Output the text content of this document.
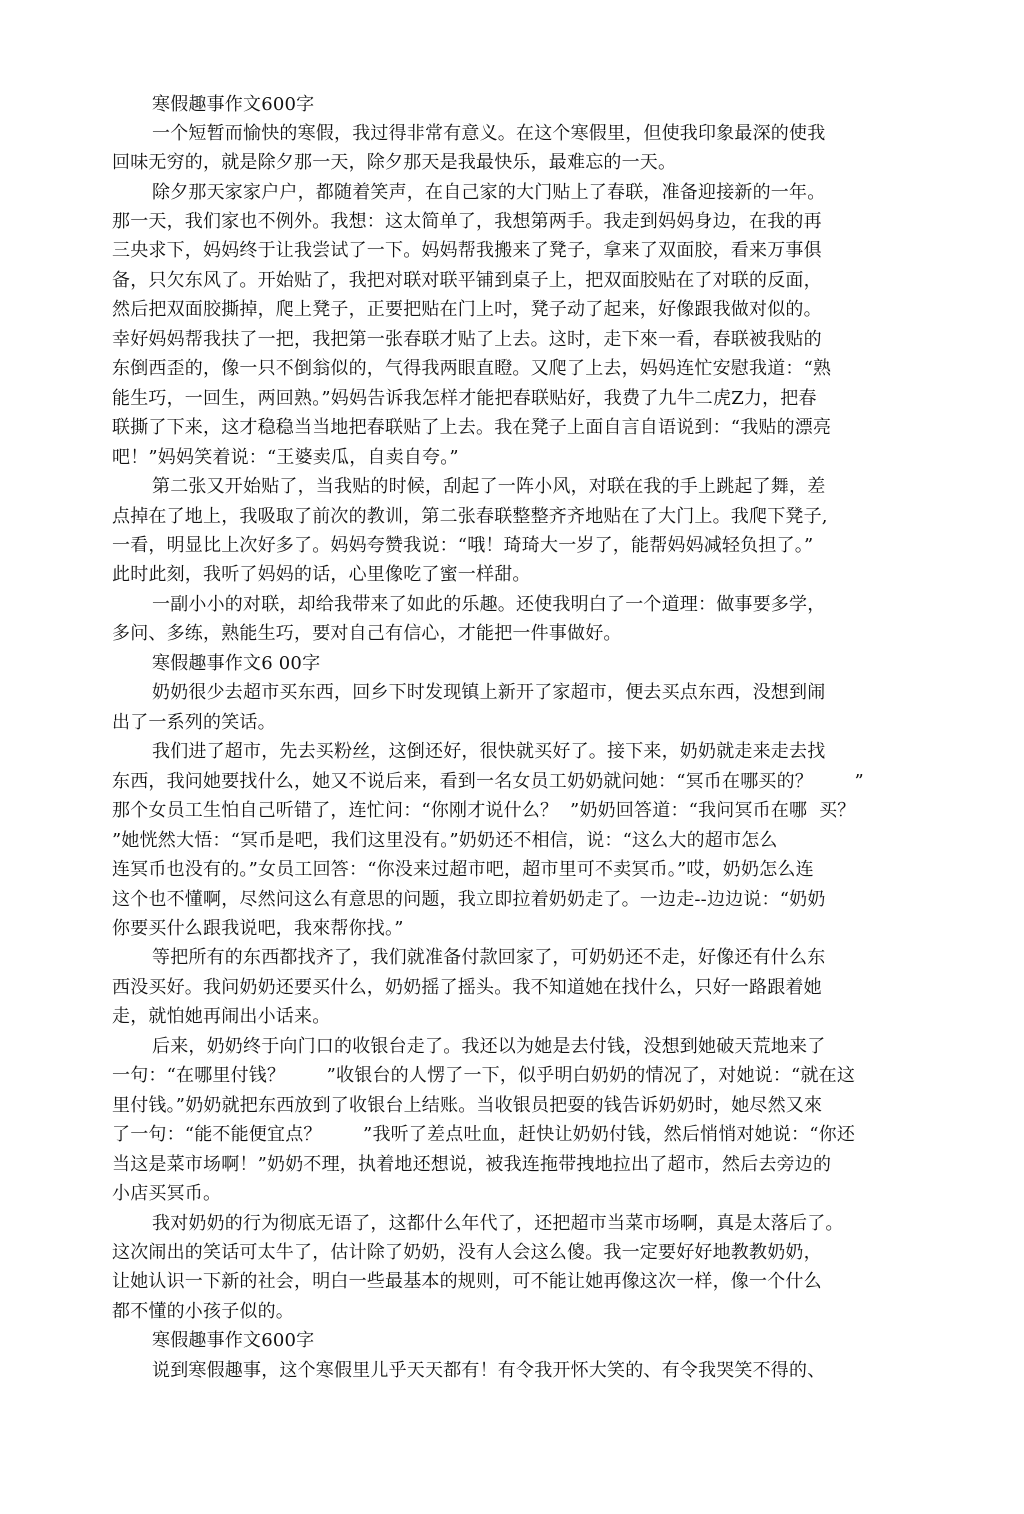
寒假趣事作文600字
一个短暂而愉快的寒假，我过得非常有意义。在这个寒假里，但使我印象最深的使我
回味无穷的，就是除夕那一天，除夕那天是我最快乐，最难忘的一天。
除夕那天家家户户，都随着笑声，在自己家的大门贴上了春联，准备迎接新的一年。
那一天，我们家也不例外。我想：这太简单了，我想第两手。我走到妈妈身边，在我的再
三央求下，妈妈终于让我尝试了一下。妈妈帮我搬来了凳子，拿来了双面胶，看来万事俱
备，只欠东风了。开始贴了，我把对联对联平铺到桌子上，把双面胶贴在了对联的反面，
然后把双面胶撕掉，爬上凳子，正要把贴在门上吋，凳子动了起来，好像跟我做对似的。
幸好妈妈帮我扶了一把，我把第一张春联才贴了上去。这时，走下來一看，春联被我贴的
东倒西歪的，像一只不倒翁似的，气得我两眼直瞪。又爬了上去，妈妈连忙安慰我道：“熟
能生巧，一回生，两回熟。”妈妈告诉我怎样才能把春联贴好，我费了九牛二虎Z力，把春
联撕了下来，这才稳稳当当地把春联贴了上去。我在凳子上面自言自语说到：“我贴的漂亮
吧！”妈妈笑着说：“王婆卖瓜，自卖自夸。”
第二张又开始贴了，当我贴的时候，刮起了一阵小风，对联在我的手上跳起了舞，差
点掉在了地上，我吸取了前次的教训，第二张春联整整齐齐地贴在了大门上。我爬下凳子,
一看，明显比上次好多了。妈妈夸赞我说：“哦！琦琦大一岁了，能帮妈妈减轻负担了。”
此时此刻，我听了妈妈的话，心里像吃了蜜一样甜。
一副小小的对联，却给我带来了如此的乐趣。还使我明白了一个道理：做事要多学，
多问、多练，熟能生巧，要对自己有信心，才能把一件事做好。
寒假趣事作文6 00字
奶奶很少去超市买东西，回乡下时发现镇上新开了家超市，便去买点东西，没想到闹
出了一系列的笑话。
我们进了超市，先去买粉丝，这倒还好，很快就买好了。接下来，奶奶就走来走去找
东西，我问她要找什么，她又不说后来，看到一名女员工奶奶就问她：“冥币在哪买的？       ”
那个女员工生怕自己听错了，连忙问：“你刚才说什么？  ”奶奶回答道：“我问冥币在哪  买？
”她恍然大悟：“冥币是吧，我们这里没有。”奶奶还不相信，说：“这么大的超市怎么
连冥币也没有的。”女员工回答：“你没来过超市吧，超市里可不卖冥币。”哎，奶奶怎么连
这个也不懂啊，尽然问这么有意思的问题，我立即拉着奶奶走了。一边走--边边说：“奶奶
你要买什么跟我说吧，我來帮你找。”
等把所有的东西都找齐了，我们就准备付款回家了，可奶奶还不走，好像还有什么东
西没买好。我问奶奶还要买什么，奶奶摇了摇头。我不知道她在找什么，只好一路跟着她
走，就怕她再闹出小话来。
后来，奶奶终于向门口的收银台走了。我还以为她是去付钱，没想到她破天荒地来了
一句：“在哪里付钱？       ”收银台的人愣了一下，似乎明白奶奶的情况了，对她说：“就在这
里付钱。”奶奶就把东西放到了收银台上结账。当收银员把耍的钱告诉奶奶时，她尽然又來
了一句：“能不能便宜点？       ”我听了差点吐血，赶快让奶奶付钱，然后悄悄对她说：“你还
当这是菜市场啊！”奶奶不理，执着地还想说，被我连拖带拽地拉出了超市，然后去旁边的
小店买冥币。
我对奶奶的行为彻底无语了，这都什么年代了，还把超市当菜市场啊，真是太落后了。
这次闹出的笑话可太牛了，估计除了奶奶，没有人会这么傻。我一定要好好地教教奶奶，
让她认识一下新的社会，明白一些最基本的规则，可不能让她再像这次一样，像一个什么
都不懂的小孩子似的。
寒假趣事作文600字
说到寒假趣事，这个寒假里儿乎天天都有！有令我开怀大笑的、有令我哭笑不得的、
